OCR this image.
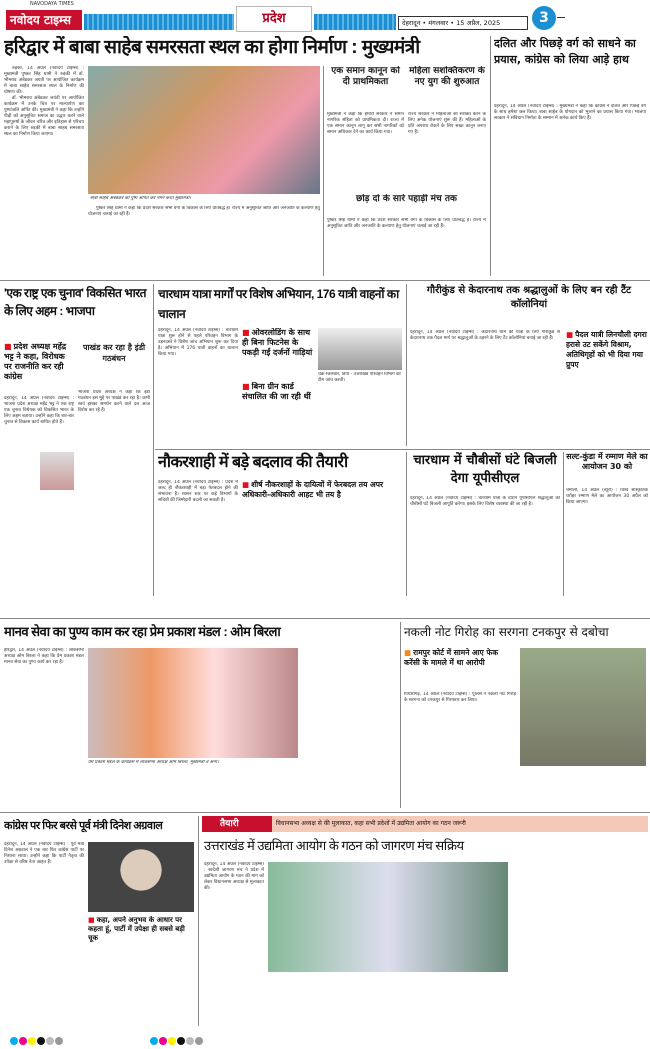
NAVODAYA TIMES
नवोदय टाइम्स	प्रदेश	देहरादून • मंगलवार • 15 अप्रैल, 2025	3
हरिद्वार में बाबा साहेब समरसता स्थल का होगा निर्माण : मुख्यमंत्री

रुड़की, 14 अप्रैल (नवोदय टाइम्स) : मुख्यमंत्री पुष्कर सिंह धामी ने रुड़की में डॉ. भीमराव अंबेडकर जयंती पर आयोजित कार्यक्रम में बाबा साहेब समरसता स्थल के निर्माण की घोषणा की।

डॉ. भीमराव अंबेडकर जयंती पर आयोजित कार्यक्रम में उनके चित्र पर माल्यार्पण कर पुष्पांजलि अर्पित की। मुख्यमंत्री ने कहा कि उन्होंने पीढ़ी को अनुसूचित समाज का उद्धार करने वाले महापुरुषों के जीवन चरित्र और इतिहास से परिचय कराने के लिए रुड़की में बाबा साहब समरसता स्थल का निर्माण किया जाएगा।

बाबा साहेब अंबेडकर को पुष्प अर्पित कर नमन करते मुख्यमंत्री।

पुष्कर सिंह धामी ने कहा कि प्रदेश सरकार सभी वर्गों के विकास के लिए प्रतिबद्ध है। राज्य में अनुसूचित जाति और जनजाति के कल्याण हेतु योजनाएं चलाई जा रही हैं।

एक समान कानून को दी प्राथमिकता
मुख्यमंत्री ने कहा कि हमारी सरकार ने समान नागरिक संहिता को प्राथमिकता दी। राज्य में एक समान कानून लागू कर सभी नागरिकों को समान अधिकार देने का कार्य किया गया।
महिला सशक्तिकरण के नए युग की शुरुआत
राज्य सरकार ने महिलाओं को सशक्त करने के लिए अनेक योजनाएं शुरू की हैं। महिलाओं के प्रति अपराध रोकने के लिए सख्त कानून बनाए गए हैं।
छोड़ दो के सारे पहाड़ी मंच तक
पुष्कर सिंह धामी ने कहा कि प्रदेश सरकार सभी वर्गों के विकास के लिए प्रतिबद्ध है। राज्य में अनुसूचित जाति और जनजाति के कल्याण हेतु योजनाएं चलाई जा रही हैं।
दलित और पिछड़े वर्ग को साधने का प्रयास, कांग्रेस को लिया आड़े हाथ
देहरादून, 14 अप्रैल (नवोदय टाइम्स) : मुख्यमंत्री ने कहा कि कांग्रेस ने दलित और पिछड़े वर्ग के साथ हमेशा छल किया। बाबा साहेब के योगदान को भुलाने का प्रयास किया गया। भाजपा सरकार ने संविधान निर्माता के सम्मान में अनेक कार्य किए हैं।
'एक राष्ट्र एक चुनाव' विकसित भारत के लिए अहम : भाजपा
■ प्रदेश अध्यक्ष महेंद्र भट्ट ने कहा, विरोधक पर राजनीति कर रही कांग्रेस
देहरादून, 14 अप्रैल (नवोदय टाइम्स) : भाजपा प्रदेश अध्यक्ष महेंद्र भट्ट ने एक राष्ट्र एक चुनाव विधेयक को विकसित भारत के लिए अहम बताया। उन्होंने कहा कि बार-बार चुनाव से विकास कार्य बाधित होते हैं।
पाखंड कर रहा है इंडी गठबंधन
भाजपा प्रदेश अध्यक्ष ने कहा कि इंडी गठबंधन इस मुद्दे पर पाखंड कर रहा है। कभी स्वयं इसका समर्थन करने वाले दल आज विरोध कर रहे हैं।
चारधाम यात्रा मार्गों पर विशेष अभियान, 176 यात्री वाहनों का चालान
देहरादून, 14 अप्रैल (नवोदय टाइम्स) : चारधाम यात्रा शुरू होने से पहले परिवहन विभाग के उड़नदस्ते ने विशेष जांच अभियान शुरू कर दिया है। अभियान में 176 यात्री वाहनों का चालान किया गया।
■ ओवरलोडिंग के साथ ही बिना फिटनेस के पकड़ी गईं दर्जनों गाड़ियां
■ बिना ग्रीन कार्ड संचालित की जा रही थीं
चक्र-जिलेवार, डिपो - उत्तराखंड परिवहन विभाग की टीम जांच करती।
गौरीकुंड से केदारनाथ तक श्रद्धालुओं के लिए बन रही टैंट कॉलोनियां
देहरादून, 14 अप्रैल (नवोदय टाइम्स) : केदारनाथ धाम की यात्रा के लिए गौरीकुंड से केदारनाथ तक पैदल मार्ग पर श्रद्धालुओं के ठहरने के लिए टैंट कॉलोनियां बनाई जा रही हैं।	■ पैदल यात्री लिनचौली दगरा हरासे उट सकेंगे विश्राम, अतिथिगृहों को भी दिया गया प्रुपए
नौकरशाही में बड़े बदलाव की तैयारी
देहरादून, 14 अप्रैल (नवोदय टाइम्स) : प्रदेश में जल्द ही नौकरशाही में बड़ा फेरबदल होने की संभावना है। शासन स्तर पर कई विभागों के सचिवों की जिम्मेदारी बदली जा सकती है।
■ शीर्ष नौकरशाहों के दायित्वों में फेरबदल तय अपर अधिकारी-अधिकारी आहट भी तय है
चारधाम में चौबीसों घंटे बिजली देगा यूपीसीएल
देहरादून, 14 अप्रैल (नवोदय टाइम्स) : चारधाम यात्रा के दौरान यूपीसीएल श्रद्धालुओं को चौबीसों घंटे बिजली आपूर्ति करेगा। इसके लिए विशेष व्यवस्था की जा रही है।
सल्ट-कुंडा में रम्माण मेले का आयोजन 30 को
चमोली, 14 अप्रैल (ब्यूरो) : विश्व सांस्कृतिक धरोहर रम्माण मेले का आयोजन 30 अप्रैल को किया जाएगा।
मानव सेवा का पुण्य काम कर रहा प्रेम प्रकाश मंडल : ओम बिरला
हरिद्वार, 14 अप्रैल (नवोदय टाइम्स) : लोकसभा अध्यक्ष ओम बिरला ने कहा कि प्रेम प्रकाश मंडल मानव सेवा का पुण्य कार्य कर रहा है।
प्रेम प्रकाश मंडल के कार्यक्रम में लोकसभा अध्यक्ष ओम बिरला, मुख्यमंत्री व अन्य।
नकली नोट गिरोह का सरगना टनकपुर से दबोचा
■ रामपुर कोर्ट में सामने आए फेक करेंसी के मामले में था आरोपी
पिथौरागढ़, 14 अप्रैल (नवोदय टाइम्स) : पुलिस ने नकली नोट गिरोह के सरगना को टनकपुर से गिरफ्तार कर लिया।
कांग्रेस पर फिर बरसे पूर्व मंत्री दिनेश अग्रवाल
देहरादून, 14 अप्रैल (नवोदय टाइम्स) : पूर्व मंत्री दिनेश अग्रवाल ने एक बार फिर कांग्रेस पार्टी पर निशाना साधा। उन्होंने कहा कि पार्टी नेतृत्व की उपेक्षा से वरिष्ठ नेता आहत हैं।
■ कहा, अपने अनुभव के आधार पर कहता हूं, पार्टी में उपेक्षा ही सबसे बड़ी चूक
तैयारी	विधानसभा अध्यक्ष से की मुलाकात, कहा सभी प्रदेशों में उद्यमिता आयोग का गठन जरूरी
उत्तराखंड में उद्यमिता आयोग के गठन को जागरण मंच सक्रिय
देहरादून, 14 अप्रैल (नवोदय टाइम्स) : स्वदेशी जागरण मंच ने प्रदेश में उद्यमिता आयोग के गठन की मांग को लेकर विधानसभा अध्यक्ष से मुलाकात की।
